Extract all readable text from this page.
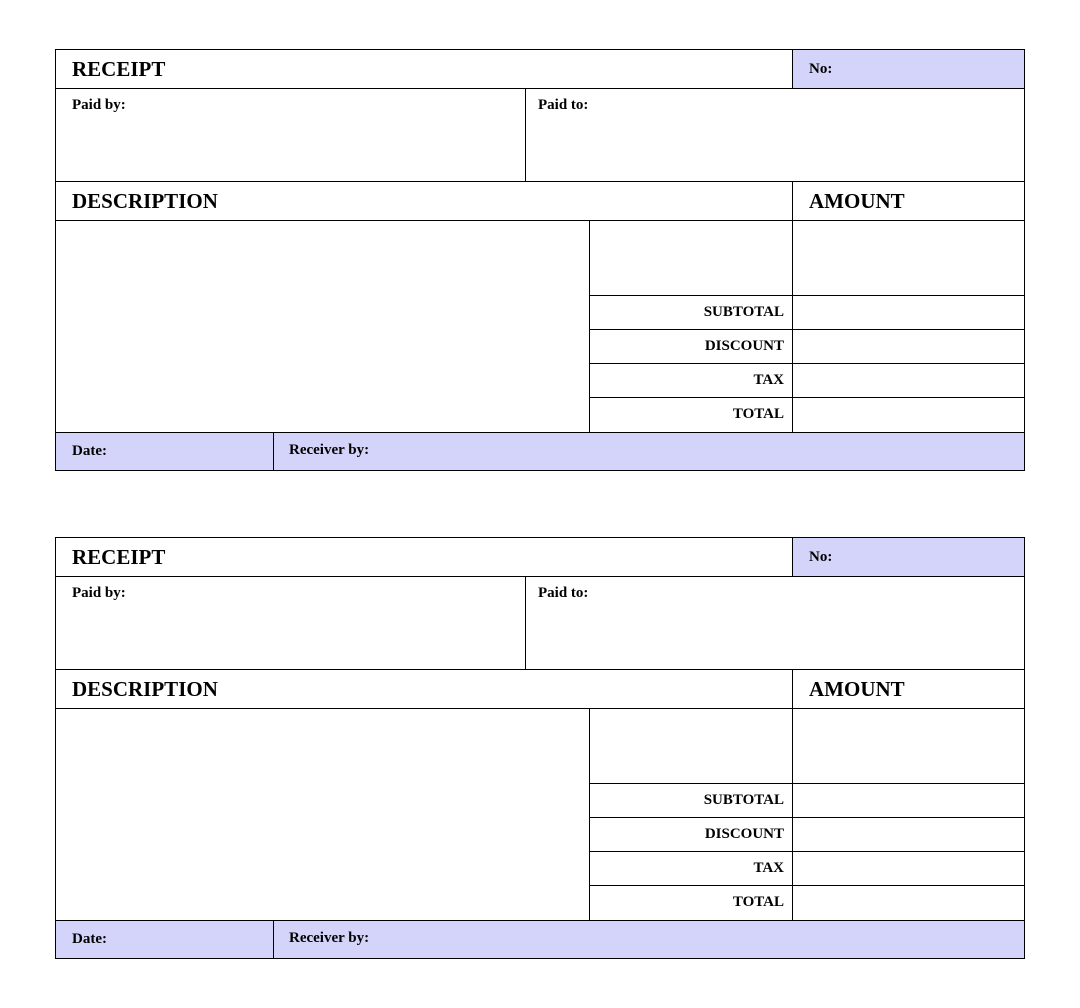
RECEIPT	No:
Paid by:	Paid to:
DESCRIPTION	AMOUNT
SUBTOTAL
DISCOUNT
TAX
TOTAL
Date:	Receiver by:
RECEIPT	No:
Paid by:	Paid to:
DESCRIPTION	AMOUNT
SUBTOTAL
DISCOUNT
TAX
TOTAL
Date:	Receiver by:
